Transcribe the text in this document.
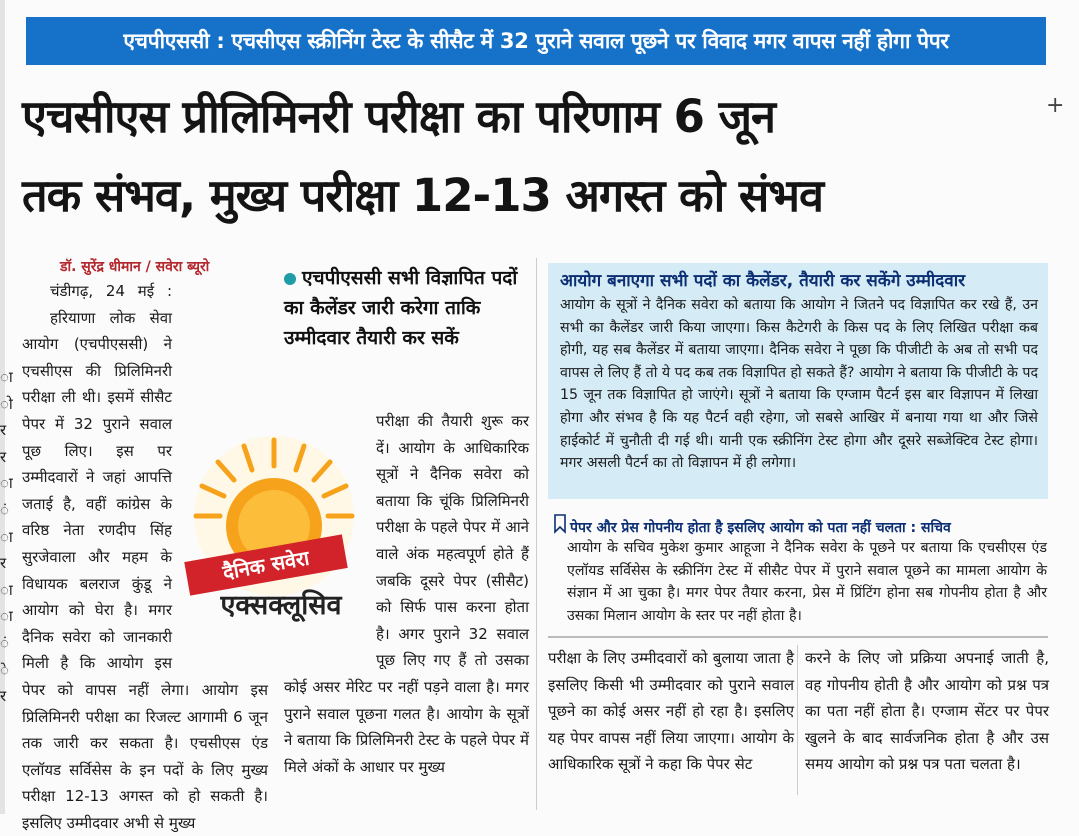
एचपीएससी : एचसीएस स्क्रीनिंग टेस्ट के सीसैट में 32 पुराने सवाल पूछने पर विवाद मगर वापस नहीं होगा पेपर
एचसीएस प्रीलिमिनरी परीक्षा का परिणाम 6 जून
तक संभव, मुख्य परीक्षा 12-13 अगस्त को संभव
+
डॉ. सुरेंद्र धीमान / सवेरा ब्यूरो
ा
ो
र
र
ा
ं
ा
र
ा
ा
ं
े
र

चंडीगढ़, 24 मई : हरियाणा लोक सेवा आयोग (एचपीएससी) ने एचसीएस की प्रिलिमिनरी परीक्षा ली थी। इसमें सीसैट पेपर में 32 पुराने सवाल पूछ लिए। इस पर उम्मीदवारों ने जहां आपत्ति जताई है, वहीं कांग्रेस के वरिष्ठ नेता रणदीप सिंह सुरजेवाला और महम के विधायक बलराज कुंडू ने आयोग को घेरा है। मगर दैनिक सवेरा को जानकारी मिली है कि आयोग इस पेपर को वापस नहीं लेगा। आयोग इस प्रिलिमिनरी परीक्षा का रिजल्ट आगामी 6 जून तक जारी कर सकता है। एचसीएस एंड एलॉयड सर्विसेस के इन पदों के लिए मुख्य परीक्षा 12-13 अगस्त को हो सकती है। इसलिए उम्मीदवार अभी से मुख्य

एचपीएससी सभी विज्ञापित पदों का कैलेंडर जारी करेगा ताकि उम्मीदवार तैयारी कर सकें

परीक्षा की तैयारी शुरू कर दें। आयोग के आधिकारिक सूत्रों ने दैनिक सवेरा को बताया कि चूंकि प्रिलिमिनरी परीक्षा के पहले पेपर में आने वाले अंक महत्वपूर्ण होते हैं जबकि दूसरे पेपर (सीसैट) को सिर्फ पास करना होता है। अगर पुराने 32 सवाल पूछ लिए गए हैं तो उसका कोई असर मेरिट पर नहीं पड़ने वाला है। मगर पुराने सवाल पूछना गलत है। आयोग के सूत्रों ने बताया कि प्रिलिमिनरी टेस्ट के पहले पेपर में मिले अंकों के आधार पर मुख्य

दैनिक सवेरा
एक्सक्लूसिव
आयोग बनाएगा सभी पदों का कैलेंडर, तैयारी कर सकेंगे उम्मीदवार
आयोग के सूत्रों ने दैनिक सवेरा को बताया कि आयोग ने जितने पद विज्ञापित कर रखे हैं, उन सभी का कैलेंडर जारी किया जाएगा। किस कैटेगरी के किस पद के लिए लिखित परीक्षा कब होगी, यह सब कैलेंडर में बताया जाएगा। दैनिक सवेरा ने पूछा कि पीजीटी के अब तो सभी पद वापस ले लिए हैं तो ये पद कब तक विज्ञापित हो सकते हैं? आयोग ने बताया कि पीजीटी के पद 15 जून तक विज्ञापित हो जाएंगे। सूत्रों ने बताया कि एग्जाम पैटर्न इस बार विज्ञापन में लिखा होगा और संभव है कि यह पैटर्न वही रहेगा, जो सबसे आखिर में बनाया गया था और जिसे हाईकोर्ट में चुनौती दी गई थी। यानी एक स्क्रीनिंग टेस्ट होगा और दूसरे सब्जेक्टिव टेस्ट होगा। मगर असली पैटर्न का तो विज्ञापन में ही लगेगा।
पेपर और प्रेस गोपनीय होता है इसलिए आयोग को पता नहीं चलता : सचिव
आयोग के सचिव मुकेश कुमार आहूजा ने दैनिक सवेरा के पूछने पर बताया कि एचसीएस एंड एलॉयड सर्विसेस के स्क्रीनिंग टेस्ट में सीसैट पेपर में पुराने सवाल पूछने का मामला आयोग के संज्ञान में आ चुका है। मगर पेपर तैयार करना, प्रेस में प्रिंटिंग होना सब गोपनीय होता है और उसका मिलान आयोग के स्तर पर नहीं होता है।

परीक्षा के लिए उम्मीदवारों को बुलाया जाता है इसलिए किसी भी उम्मीदवार को पुराने सवाल पूछने का कोई असर नहीं हो रहा है। इसलिए यह पेपर वापस नहीं लिया जाएगा। आयोग के आधिकारिक सूत्रों ने कहा कि पेपर सेट

करने के लिए जो प्रक्रिया अपनाई जाती है, वह गोपनीय होती है और आयोग को प्रश्न पत्र का पता नहीं होता है। एग्जाम सेंटर पर पेपर खुलने के बाद सार्वजनिक होता है और उस समय आयोग को प्रश्न पत्र पता चलता है।
